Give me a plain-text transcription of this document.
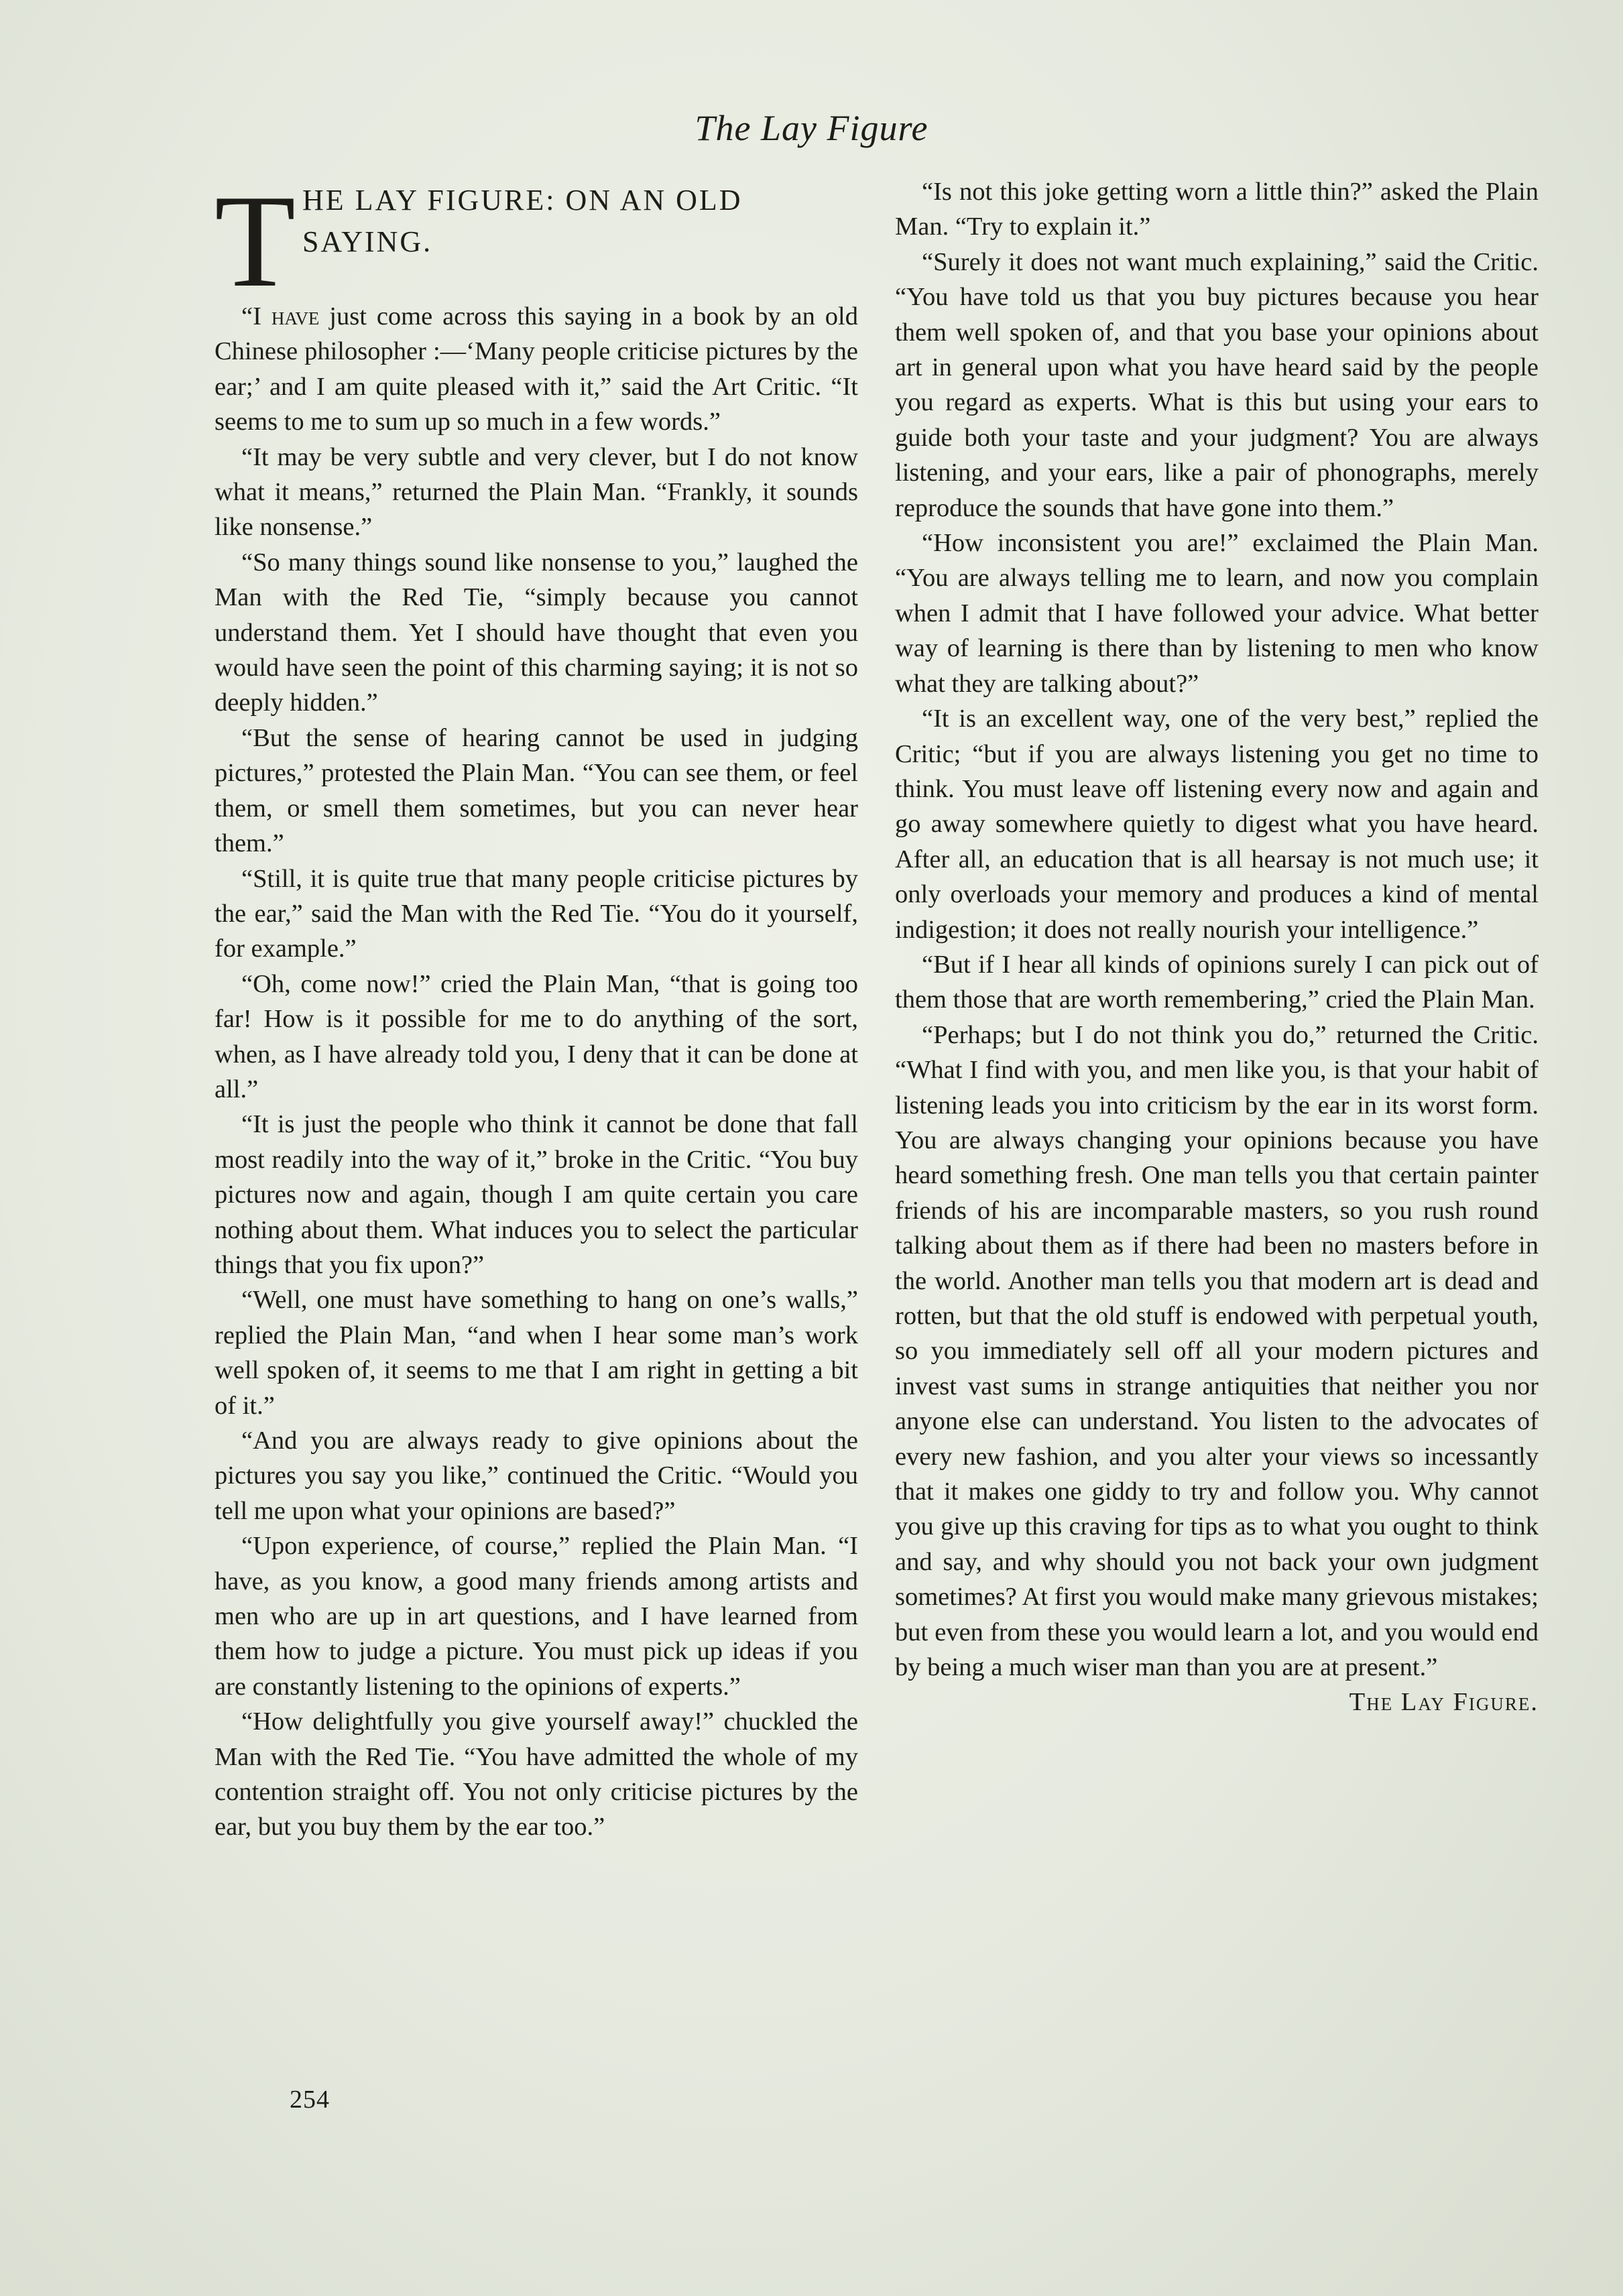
The Lay Figure
T HE LAY FIGURE: ON AN OLD SAYING.

“I have just come across this saying in a book by an old Chinese philosopher :—‘Many people criticise pictures by the ear;’ and I am quite pleased with it,” said the Art Critic. “It seems to me to sum up so much in a few words.”

“It may be very subtle and very clever, but I do not know what it means,” returned the Plain Man. “Frankly, it sounds like nonsense.”

“So many things sound like nonsense to you,” laughed the Man with the Red Tie, “simply because you cannot understand them. Yet I should have thought that even you would have seen the point of this charming saying; it is not so deeply hidden.”

“But the sense of hearing cannot be used in judging pictures,” protested the Plain Man. “You can see them, or feel them, or smell them sometimes, but you can never hear them.”

“Still, it is quite true that many people criticise pictures by the ear,” said the Man with the Red Tie. “You do it yourself, for example.”

“Oh, come now!” cried the Plain Man, “that is going too far! How is it possible for me to do anything of the sort, when, as I have already told you, I deny that it can be done at all.”

“It is just the people who think it cannot be done that fall most readily into the way of it,” broke in the Critic. “You buy pictures now and again, though I am quite certain you care nothing about them. What induces you to select the particular things that you fix upon?”

“Well, one must have something to hang on one’s walls,” replied the Plain Man, “and when I hear some man’s work well spoken of, it seems to me that I am right in getting a bit of it.”

“And you are always ready to give opinions about the pictures you say you like,” continued the Critic. “Would you tell me upon what your opinions are based?”

“Upon experience, of course,” replied the Plain Man. “I have, as you know, a good many friends among artists and men who are up in art questions, and I have learned from them how to judge a picture. You must pick up ideas if you are constantly listening to the opinions of experts.”

“How delightfully you give yourself away!” chuckled the Man with the Red Tie. “You have admitted the whole of my contention straight off. You not only criticise pictures by the ear, but you buy them by the ear too.”

“Is not this joke getting worn a little thin?” asked the Plain Man. “Try to explain it.”

“Surely it does not want much explaining,” said the Critic. “You have told us that you buy pictures because you hear them well spoken of, and that you base your opinions about art in general upon what you have heard said by the people you regard as experts. What is this but using your ears to guide both your taste and your judgment? You are always listening, and your ears, like a pair of phonographs, merely reproduce the sounds that have gone into them.”

“How inconsistent you are!” exclaimed the Plain Man. “You are always telling me to learn, and now you complain when I admit that I have followed your advice. What better way of learning is there than by listening to men who know what they are talking about?”

“It is an excellent way, one of the very best,” replied the Critic; “but if you are always listening you get no time to think. You must leave off listening every now and again and go away somewhere quietly to digest what you have heard. After all, an education that is all hearsay is not much use; it only overloads your memory and produces a kind of mental indigestion; it does not really nourish your intelligence.”

“But if I hear all kinds of opinions surely I can pick out of them those that are worth remembering,” cried the Plain Man.

“Perhaps; but I do not think you do,” returned the Critic. “What I find with you, and men like you, is that your habit of listening leads you into criticism by the ear in its worst form. You are always changing your opinions because you have heard something fresh. One man tells you that certain painter friends of his are incomparable masters, so you rush round talking about them as if there had been no masters before in the world. Another man tells you that modern art is dead and rotten, but that the old stuff is endowed with perpetual youth, so you immediately sell off all your modern pictures and invest vast sums in strange antiquities that neither you nor anyone else can understand. You listen to the advocates of every new fashion, and you alter your views so incessantly that it makes one giddy to try and follow you. Why cannot you give up this craving for tips as to what you ought to think and say, and why should you not back your own judgment sometimes? At first you would make many grievous mistakes; but even from these you would learn a lot, and you would end by being a much wiser man than you are at present.”
The Lay Figure.

254
